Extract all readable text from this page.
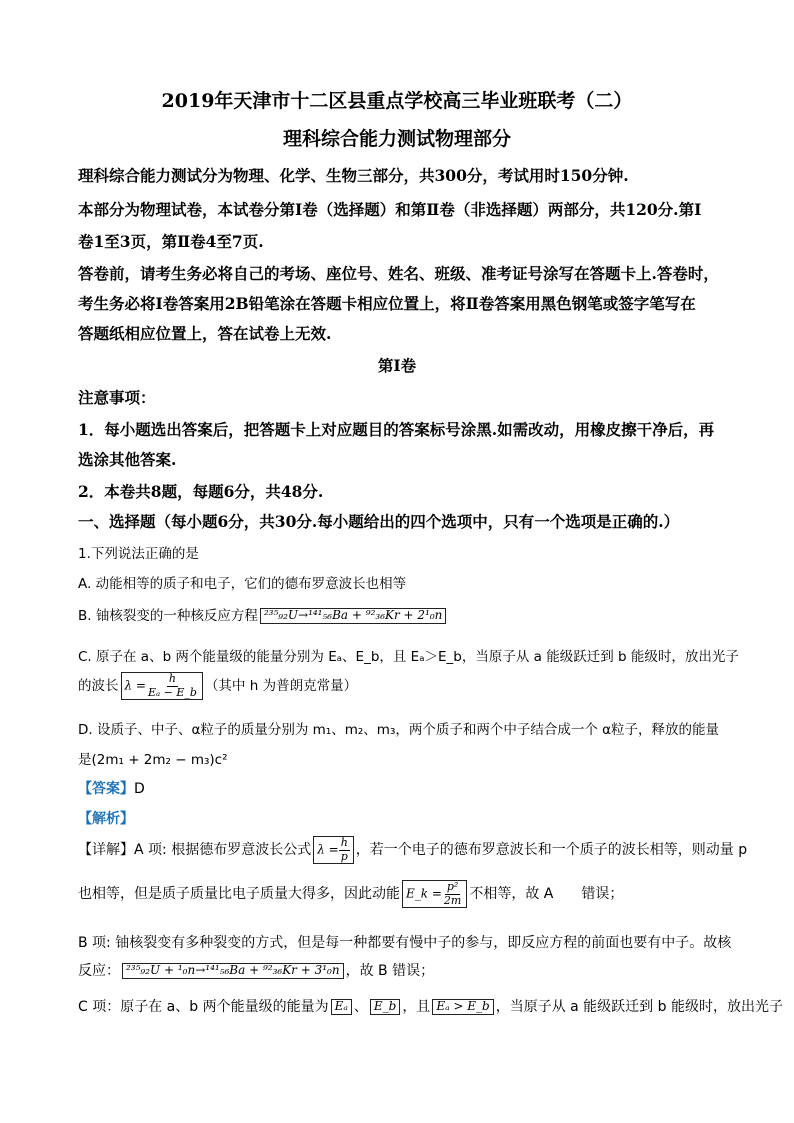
2019年天津市十二区县重点学校高三毕业班联考（二）
理科综合能力测试物理部分
理科综合能力测试分为物理、化学、生物三部分，共300分，考试用时150分钟.
本部分为物理试卷，本试卷分第Ⅰ卷（选择题）和第Ⅱ卷（非选择题）两部分，共120分.第Ⅰ
卷1至3页，第Ⅱ卷4至7页.
答卷前，请考生务必将自己的考场、座位号、姓名、班级、准考证号涂写在答题卡上.答卷时，
考生务必将Ⅰ卷答案用2B铅笔涂在答题卡相应位置上，将Ⅱ卷答案用黑色钢笔或签字笔写在
答题纸相应位置上，答在试卷上无效.
第Ⅰ卷
注意事项：
1．每小题选出答案后，把答题卡上对应题目的答案标号涂黑.如需改动，用橡皮擦干净后，再
选涂其他答案.
2．本卷共8题，每题6分，共48分.
一、选择题（每小题6分，共30分.每小题给出的四个选项中，只有一个选项是正确的.）
1.下列说法正确的是
A. 动能相等的质子和电子，它们的德布罗意波长也相等
B. 铀核裂变的一种核反应方程 ²³⁵₉₂U→¹⁴¹₅₆Ba + ⁹²₃₆Kr + 2¹₀n
C. 原子在 a、b 两个能量级的能量分别为 Eₐ、E_b，且 Eₐ＞E_b，当原子从 a 能级跃迁到 b 能级时，放出光子
的波长 $\lambda = \frac{h}{\text{Eₐ − E\_b}}$ （其中 h 为普朗克常量）
D. 设质子、中子、α粒子的质量分别为 m₁、m₂、m₃，两个质子和两个中子结合成一个 α粒子，释放的能量
是(2m₁ + 2m₂ − m₃)c²
【答案】D
【解析】
【详解】A 项: 根据德布罗意波长公式 $\lambda = \frac{h}{p}$ ，若一个电子的德布罗意波长和一个质子的波长相等，则动量 p
也相等，但是质子质量比电子质量大得多，因此动能 E_k = $\frac{\text{p²}}{2m}$ 不相等，故 A　　错误；
B 项: 铀核裂变有多种裂变的方式，但是每一种都要有慢中子的参与，即反应方程的前面也要有中子。故核
反应： ²³⁵₉₂U + ¹₀n→¹⁴¹₅₆Ba + ⁹²₃₆Kr + 3¹₀n ，故 B 错误；
C 项：原子在 a、b 两个能量级的能量为 Eₐ 、 E_b ，且 Eₐ > E_b ，当原子从 a 能级跃迁到 b 能级时，放出光子
